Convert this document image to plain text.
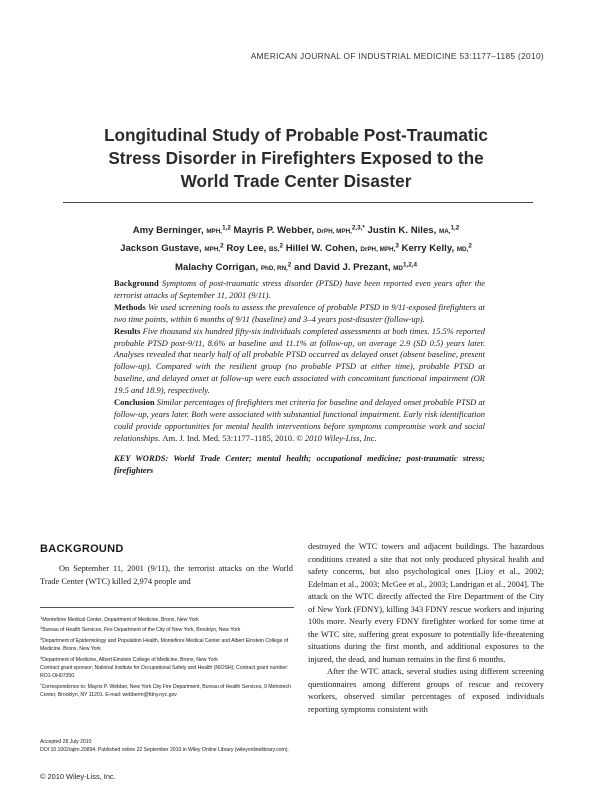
AMERICAN JOURNAL OF INDUSTRIAL MEDICINE 53:1177–1185 (2010)
Longitudinal Study of Probable Post-Traumatic
Stress Disorder in Firefighters Exposed to the
World Trade Center Disaster
Amy Berninger, MPH,$^{1,2}$ Mayris P. Webber, DrPH, MPH,$^{2,3,*}$ Justin K. Niles, MA,$^{1,2}$
Jackson Gustave, MPH,$^2$ Roy Lee, BS,$^2$ Hillel W. Cohen, DrPH, MPH,$^3$ Kerry Kelly, MD,$^2$
Malachy Corrigan, PhD, RN,$^2$ and David J. Prezant, MD$^{1,2,4}$

Background Symptoms of post-traumatic stress disorder (PTSD) have been reported even years after the terrorist attacks of September 11, 2001 (9/11).

Methods We used screening tools to assess the prevalence of probable PTSD in 9/11-exposed firefighters at two time points, within 6 months of 9/11 (baseline) and 3–4 years post-disaster (follow-up).

Results Five thousand six hundred fifty-six individuals completed assessments at both times. 15.5% reported probable PTSD post-9/11, 8.6% at baseline and 11.1% at follow-up, on average 2.9 (SD 0.5) years later. Analyses revealed that nearly half of all probable PTSD occurred as delayed onset (absent baseline, present follow-up). Compared with the resilient group (no probable PTSD at either time), probable PTSD at baseline, and delayed onset at follow-up were each associated with concomitant functional impairment (OR 19.5 and 18.9), respectively.

Conclusion Similar percentages of firefighters met criteria for baseline and delayed onset probable PTSD at follow-up, years later. Both were associated with substantial functional impairment. Early risk identification could provide opportunities for mental health interventions before symptoms compromise work and social relationships. Am. J. Ind. Med. 53:1177–1185, 2010. © 2010 Wiley-Liss, Inc.

KEY WORDS: World Trade Center; mental health; occupational medicine; post-traumatic stress; firefighters
BACKGROUND

On September 11, 2001 (9/11), the terrorist attacks on the World Trade Center (WTC) killed 2,974 people and

$^1$Montefiore Medical Center, Department of Medicine, Bronx, New York

$^2$Bureau of Health Services, Fire Department of the City of New York, Brooklyn, New York

$^3$Department of Epidemiology and Population Health, Montefiore Medical Center and Albert Einstein College of Medicine, Bronx, New York

$^4$Department of Medicine, Albert Einstein College of Medicine, Bronx, New York

Contract grant sponsor: National Institute for Occupational Safety and Health (NIOSH); Contract grant number: RO1-OH07350.

*Correspondence to: Mayris P. Webber, New York City Fire Department, Bureau of Health Services, 9 Metrotech Center, Brooklyn, NY 11201. E-mail: webberm@fdny.nyc.gov

Accepted 28 July 2010

DOI 10.1002/ajim.20894. Published online 22 September 2010 in Wiley Online Library (wileyonlinelibrary.com).

destroyed the WTC towers and adjacent buildings. The hazardous conditions created a site that not only produced physical health and safety concerns, but also psychological ones [Lioy et al., 2002; Edelman et al., 2003; McGee et al., 2003; Landrigan et al., 2004]. The attack on the WTC directly affected the Fire Department of the City of New York (FDNY), killing 343 FDNY rescue workers and injuring 100s more. Nearly every FDNY firefighter worked for some time at the WTC site, suffering great exposure to potentially life-threatening situations during the first month, and additional exposures to the injured, the dead, and human remains in the first 6 months.

After the WTC attack, several studies using different screening questionnaires among different groups of rescue and recovery workers, observed similar percentages of exposed individuals reporting symptoms consistent with

© 2010 Wiley-Liss, Inc.
